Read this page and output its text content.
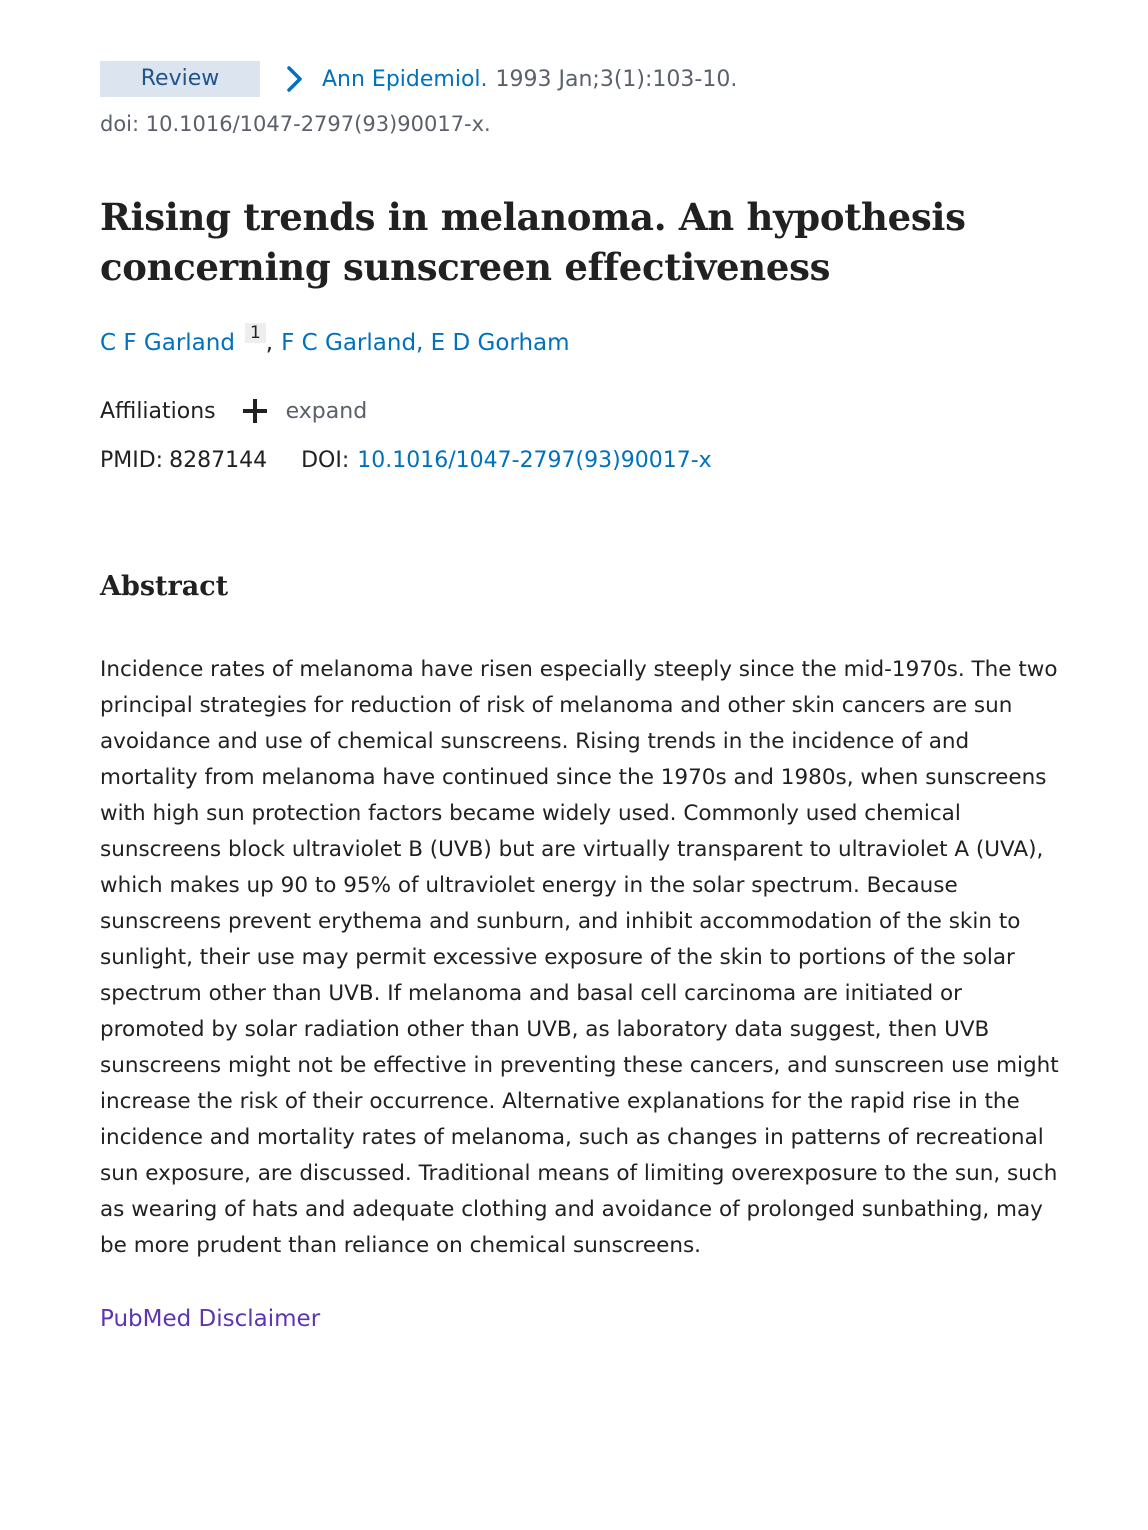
Review	Ann Epidemiol. 1993 Jan;3(1):103-10.
doi: 10.1016/1047-2797(93)90017-x.
Rising trends in melanoma. An hypothesis concerning sunscreen effectiveness
C F Garland 1 , F C Garland, E D Gorham
Affiliations	expand
PMID: 8287144 DOI: 10.1016/1047-2797(93)90017-x
Abstract
Incidence rates of melanoma have risen especially steeply since the mid-1970s. The two principal strategies for reduction of risk of melanoma and other skin cancers are sun avoidance and use of chemical sunscreens. Rising trends in the incidence of and mortality from melanoma have continued since the 1970s and 1980s, when sunscreens with high sun protection factors became widely used. Commonly used chemical sunscreens block ultraviolet B (UVB) but are virtually transparent to ultraviolet A (UVA), which makes up 90 to 95% of ultraviolet energy in the solar spectrum. Because sunscreens prevent erythema and sunburn, and inhibit accommodation of the skin to sunlight, their use may permit excessive exposure of the skin to portions of the solar spectrum other than UVB. If melanoma and basal cell carcinoma are initiated or promoted by solar radiation other than UVB, as laboratory data suggest, then UVB sunscreens might not be effective in preventing these cancers, and sunscreen use might increase the risk of their occurrence. Alternative explanations for the rapid rise in the incidence and mortality rates of melanoma, such as changes in patterns of recreational sun exposure, are discussed. Traditional means of limiting overexposure to the sun, such as wearing of hats and adequate clothing and avoidance of prolonged sunbathing, may be more prudent than reliance on chemical sunscreens.
PubMed Disclaimer
